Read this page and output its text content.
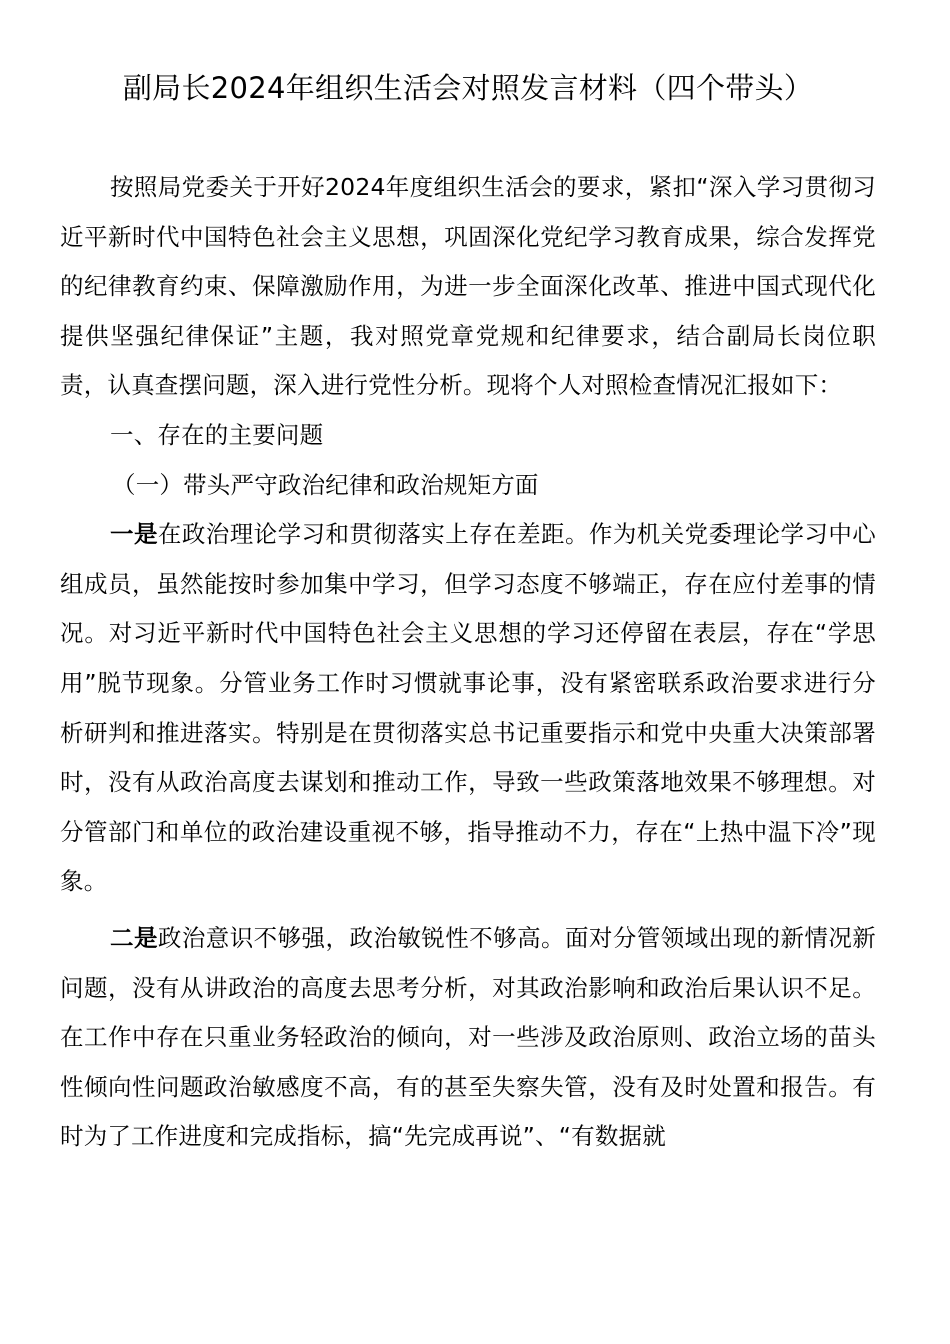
副局长2024年组织生活会对照发言材料（四个带头）

按照局党委关于开好2024年度组织生活会的要求，紧扣“深入学习贯彻习近平新时代中国特色社会主义思想，巩固深化党纪学习教育成果，综合发挥党的纪律教育约束、保障激励作用，为进一步全面深化改革、推进中国式现代化提供坚强纪律保证”主题，我对照党章党规和纪律要求，结合副局长岗位职责，认真查摆问题，深入进行党性分析。现将个人对照检查情况汇报如下：

一、存在的主要问题

（一）带头严守政治纪律和政治规矩方面

一是在政治理论学习和贯彻落实上存在差距。作为机关党委理论学习中心组成员，虽然能按时参加集中学习，但学习态度不够端正，存在应付差事的情况。对习近平新时代中国特色社会主义思想的学习还停留在表层，存在“学思用”脱节现象。分管业务工作时习惯就事论事，没有紧密联系政治要求进行分析研判和推进落实。特别是在贯彻落实总书记重要指示和党中央重大决策部署时，没有从政治高度去谋划和推动工作，导致一些政策落地效果不够理想。对分管部门和单位的政治建设重视不够，指导推动不力，存在“上热中温下冷”现象。

二是政治意识不够强，政治敏锐性不够高。面对分管领域出现的新情况新问题，没有从讲政治的高度去思考分析，对其政治影响和政治后果认识不足。在工作中存在只重业务轻政治的倾向，对一些涉及政治原则、政治立场的苗头性倾向性问题政治敏感度不高，有的甚至失察失管，没有及时处置和报告。有时为了工作进度和完成指标，搞“先完成再说”、“有数据就
